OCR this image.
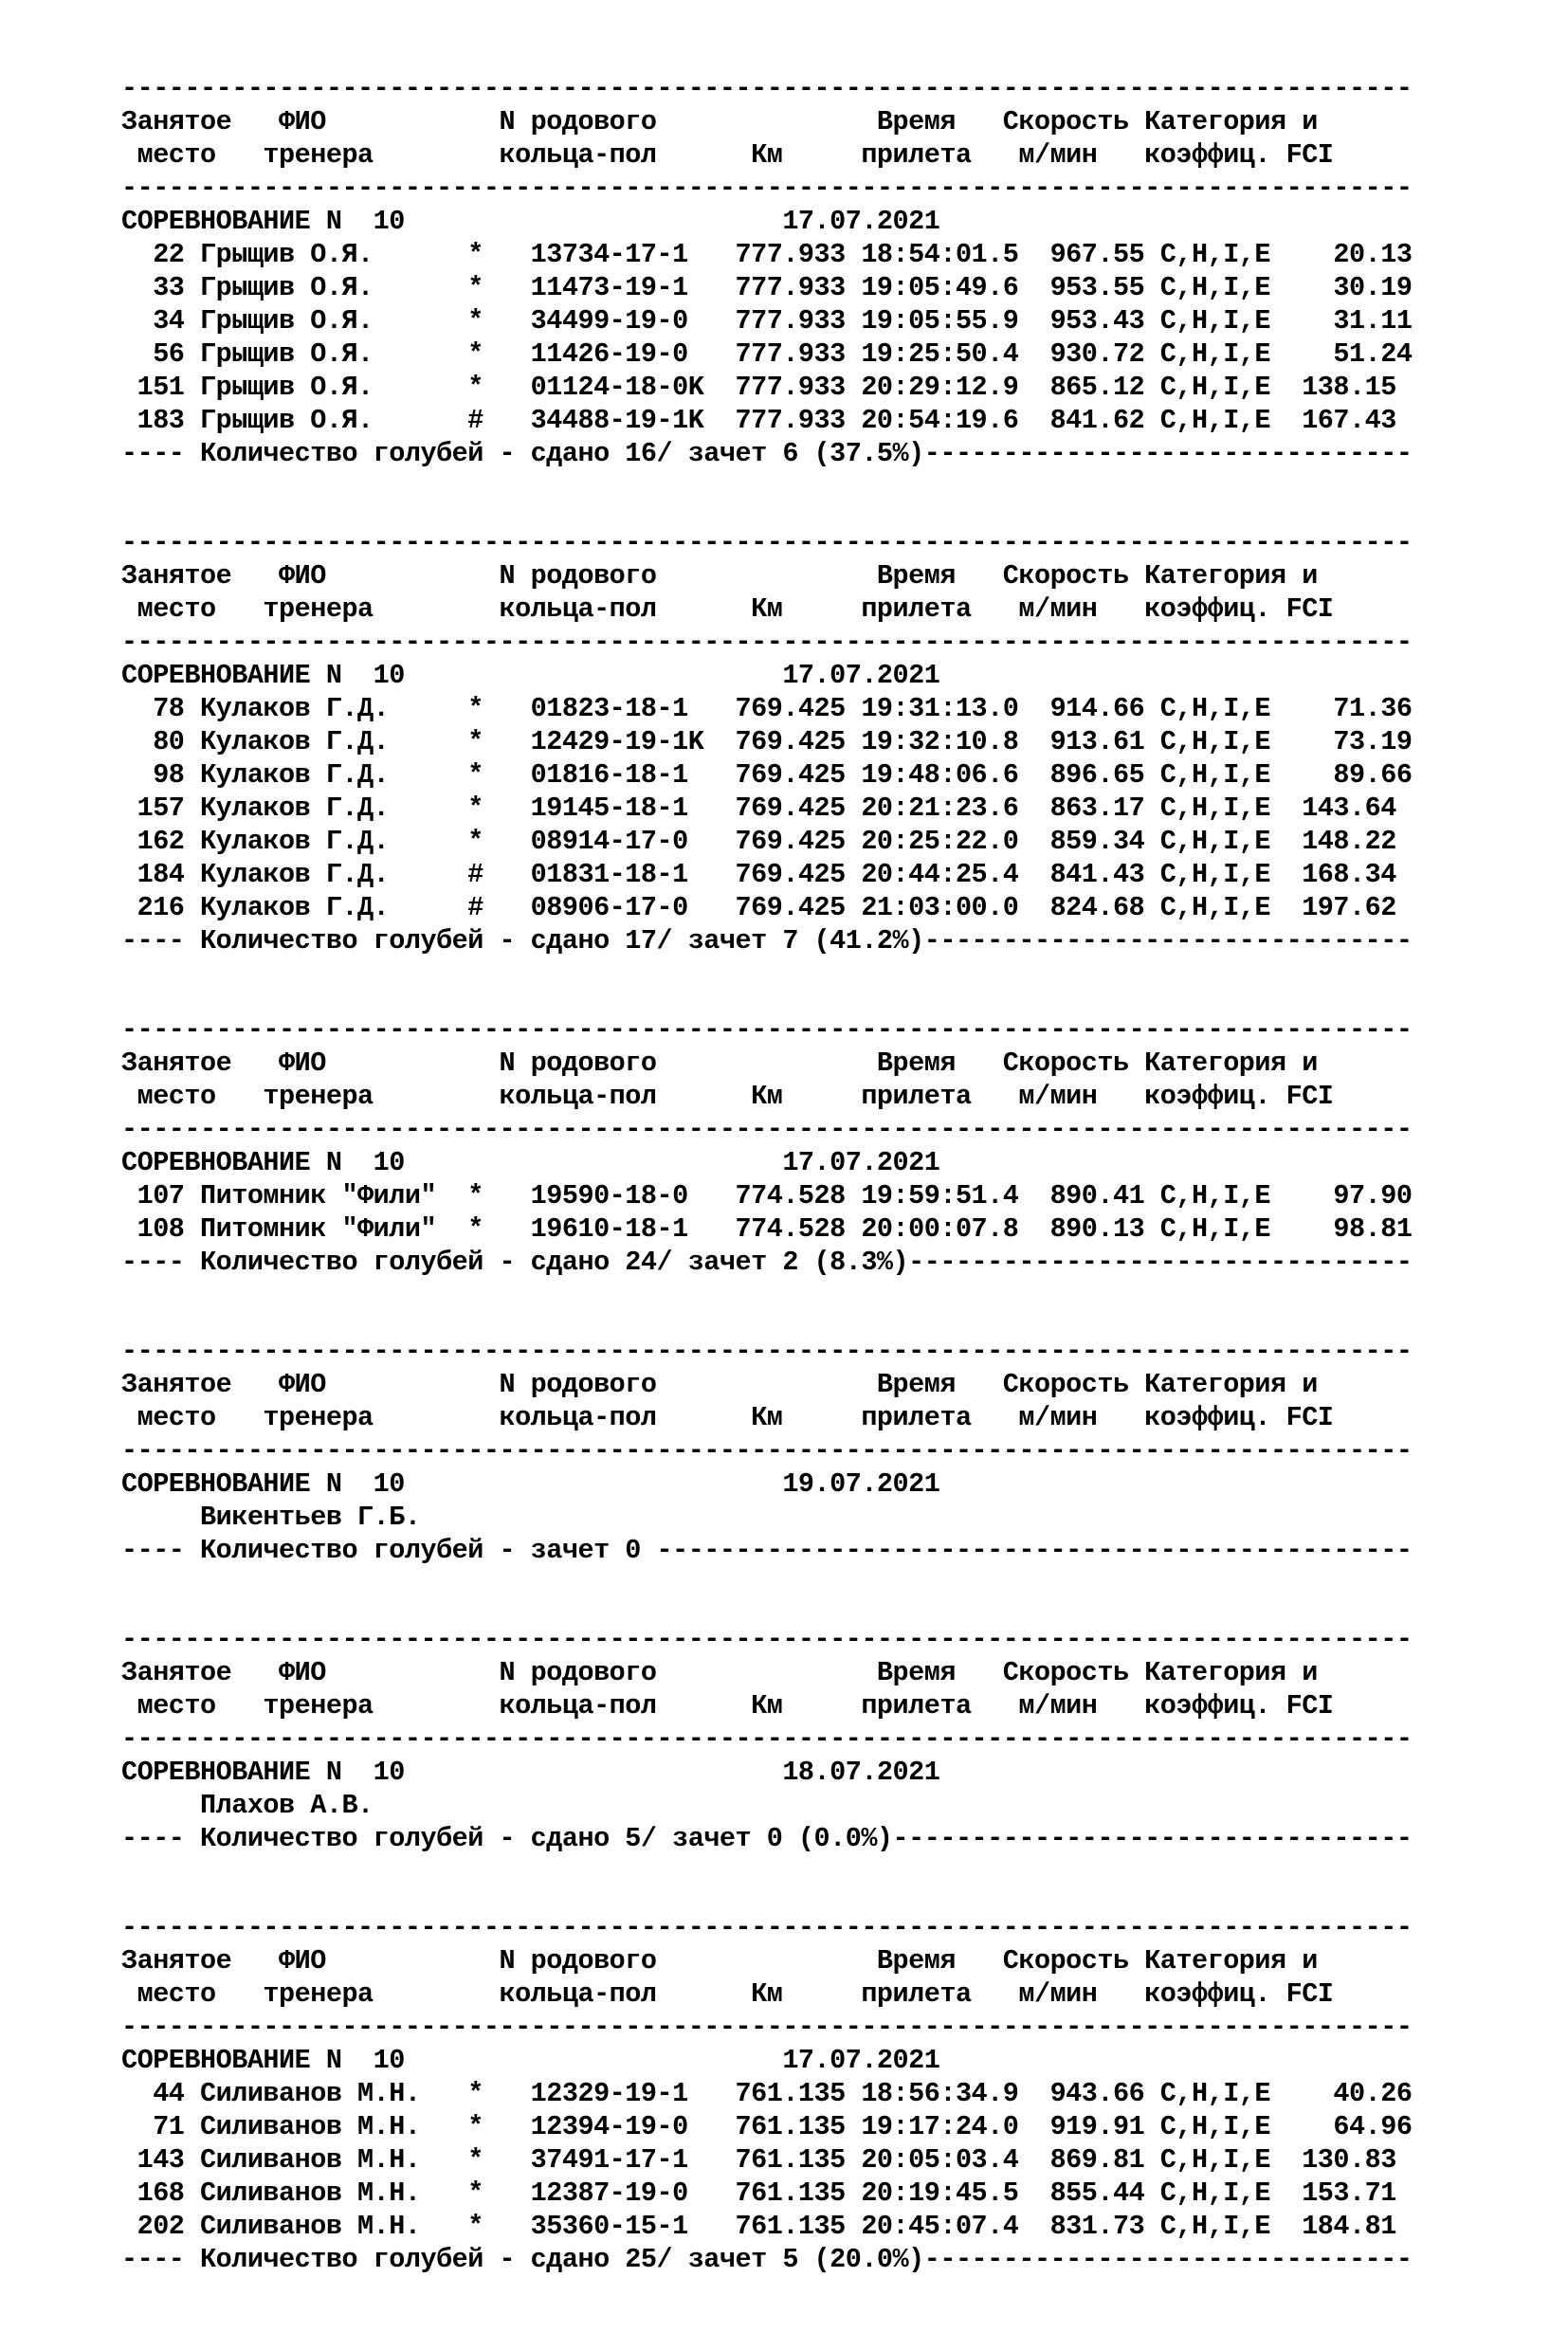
----------------------------------------------------------------------------------
Занятое   ФИО           N родового              Время   Скорость Категория и
место   тренера        кольца-пол      Км     прилета   м/мин   коэффиц. FCI
----------------------------------------------------------------------------------
СОРЕВНОВАНИЕ N  10                        17.07.2021
22 Грыщив О.Я.      *   13734-17-1   777.933 18:54:01.5  967.55 C,H,I,E    20.13
33 Грыщив О.Я.      *   11473-19-1   777.933 19:05:49.6  953.55 C,H,I,E    30.19
34 Грыщив О.Я.      *   34499-19-0   777.933 19:05:55.9  953.43 C,H,I,E    31.11
56 Грыщив О.Я.      *   11426-19-0   777.933 19:25:50.4  930.72 C,H,I,E    51.24
151 Грыщив О.Я.      *   01124-18-0K  777.933 20:29:12.9  865.12 C,H,I,E  138.15
183 Грыщив О.Я.      #   34488-19-1K  777.933 20:54:19.6  841.62 C,H,I,E  167.43
---- Количество голубей - сдано 16/ зачет 6 (37.5%)-------------------------------
----------------------------------------------------------------------------------
Занятое   ФИО           N родового              Время   Скорость Категория и
место   тренера        кольца-пол      Км     прилета   м/мин   коэффиц. FCI
----------------------------------------------------------------------------------
СОРЕВНОВАНИЕ N  10                        17.07.2021
78 Кулаков Г.Д.     *   01823-18-1   769.425 19:31:13.0  914.66 C,H,I,E    71.36
80 Кулаков Г.Д.     *   12429-19-1K  769.425 19:32:10.8  913.61 C,H,I,E    73.19
98 Кулаков Г.Д.     *   01816-18-1   769.425 19:48:06.6  896.65 C,H,I,E    89.66
157 Кулаков Г.Д.     *   19145-18-1   769.425 20:21:23.6  863.17 C,H,I,E  143.64
162 Кулаков Г.Д.     *   08914-17-0   769.425 20:25:22.0  859.34 C,H,I,E  148.22
184 Кулаков Г.Д.     #   01831-18-1   769.425 20:44:25.4  841.43 C,H,I,E  168.34
216 Кулаков Г.Д.     #   08906-17-0   769.425 21:03:00.0  824.68 C,H,I,E  197.62
---- Количество голубей - сдано 17/ зачет 7 (41.2%)-------------------------------
----------------------------------------------------------------------------------
Занятое   ФИО           N родового              Время   Скорость Категория и
место   тренера        кольца-пол      Км     прилета   м/мин   коэффиц. FCI
----------------------------------------------------------------------------------
СОРЕВНОВАНИЕ N  10                        17.07.2021
107 Питомник "Фили"  *   19590-18-0   774.528 19:59:51.4  890.41 C,H,I,E    97.90
108 Питомник "Фили"  *   19610-18-1   774.528 20:00:07.8  890.13 C,H,I,E    98.81
---- Количество голубей - сдано 24/ зачет 2 (8.3%)--------------------------------
----------------------------------------------------------------------------------
Занятое   ФИО           N родового              Время   Скорость Категория и
место   тренера        кольца-пол      Км     прилета   м/мин   коэффиц. FCI
----------------------------------------------------------------------------------
СОРЕВНОВАНИЕ N  10                        19.07.2021
Викентьев Г.Б.
---- Количество голубей - зачет 0 ------------------------------------------------
----------------------------------------------------------------------------------
Занятое   ФИО           N родового              Время   Скорость Категория и
место   тренера        кольца-пол      Км     прилета   м/мин   коэффиц. FCI
----------------------------------------------------------------------------------
СОРЕВНОВАНИЕ N  10                        18.07.2021
Плахов А.В.
---- Количество голубей - сдано 5/ зачет 0 (0.0%)---------------------------------
----------------------------------------------------------------------------------
Занятое   ФИО           N родового              Время   Скорость Категория и
место   тренера        кольца-пол      Км     прилета   м/мин   коэффиц. FCI
----------------------------------------------------------------------------------
СОРЕВНОВАНИЕ N  10                        17.07.2021
44 Силиванов М.Н.   *   12329-19-1   761.135 18:56:34.9  943.66 C,H,I,E    40.26
71 Силиванов М.Н.   *   12394-19-0   761.135 19:17:24.0  919.91 C,H,I,E    64.96
143 Силиванов М.Н.   *   37491-17-1   761.135 20:05:03.4  869.81 C,H,I,E  130.83
168 Силиванов М.Н.   *   12387-19-0   761.135 20:19:45.5  855.44 C,H,I,E  153.71
202 Силиванов М.Н.   *   35360-15-1   761.135 20:45:07.4  831.73 C,H,I,E  184.81
---- Количество голубей - сдано 25/ зачет 5 (20.0%)-------------------------------
